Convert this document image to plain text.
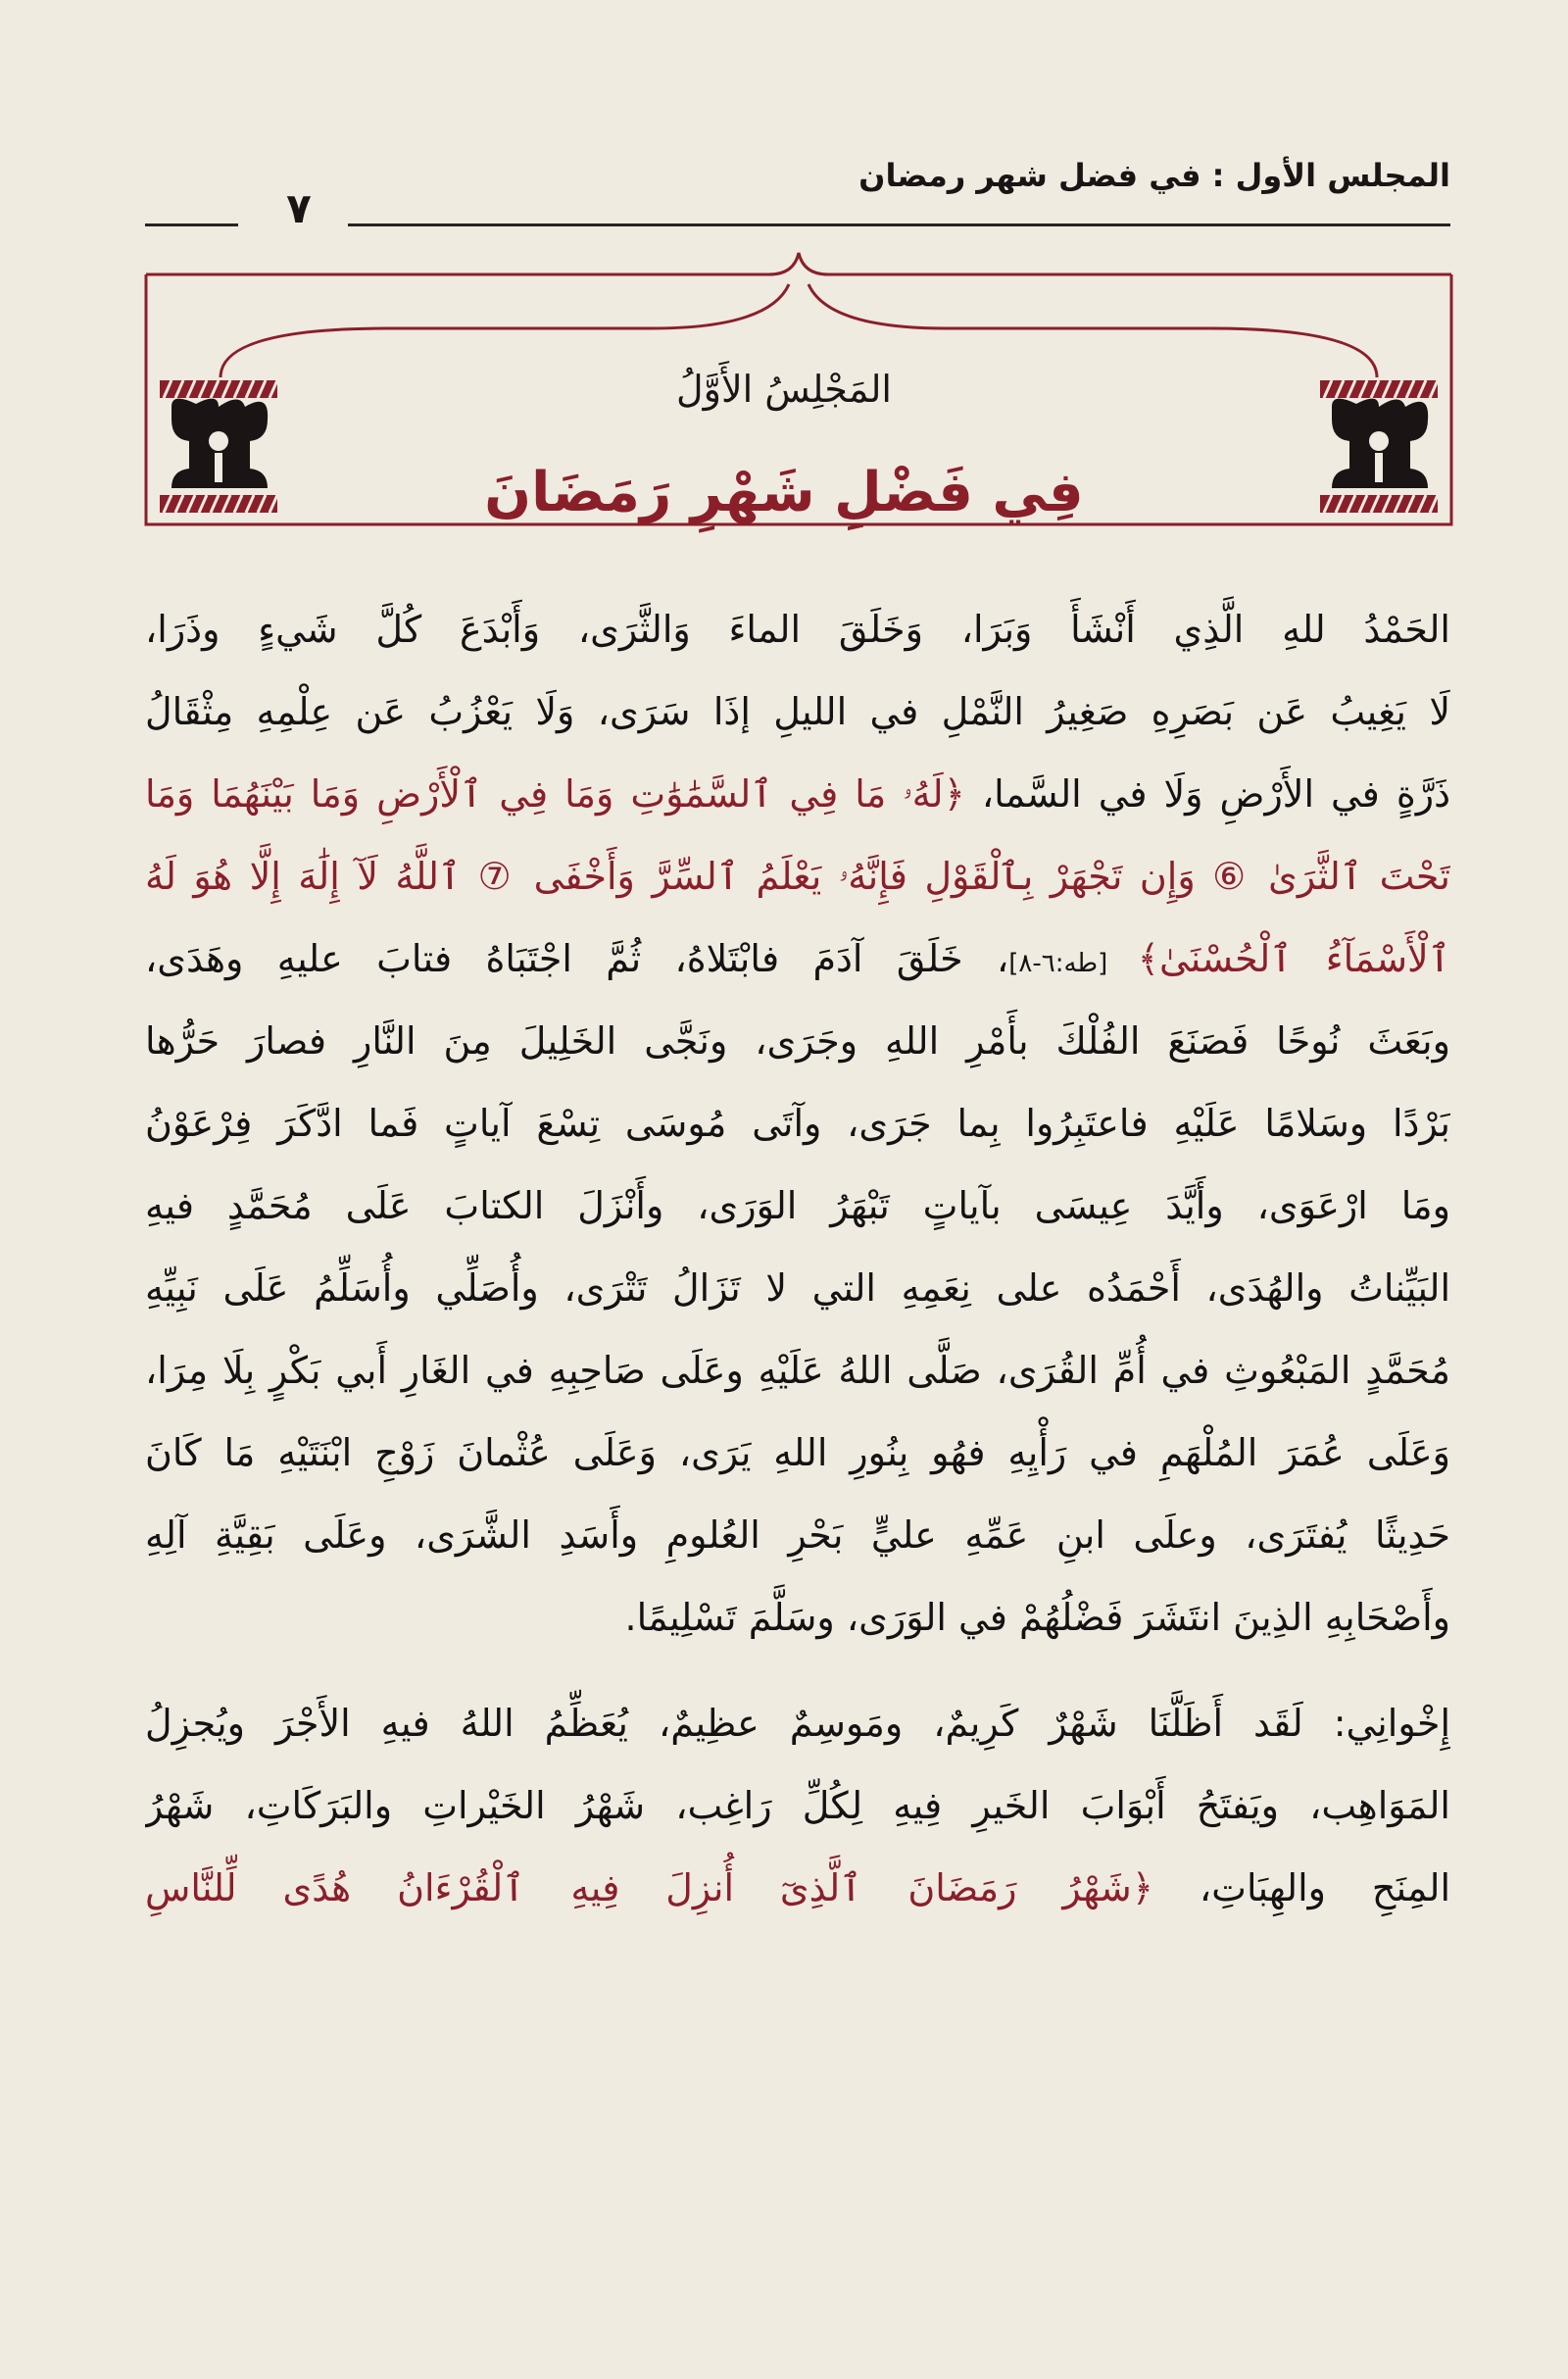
المجلس الأول : في فضل شهر رمضان
٧
المَجْلِسُ الأَوَّلُ
فِي فَضْلِ شَهْرِ رَمَضَانَ
الحَمْدُ للهِ الَّذِي أَنْشَأَ وَبَرَا، وَخَلَقَ الماءَ وَالثَّرَى، وَأَبْدَعَ كُلَّ شَيءٍ وذَرَا،
لَا يَغِيبُ عَن بَصَرِهِ صَغِيرُ النَّمْلِ في الليلِ إذَا سَرَى، وَلَا يَعْزُبُ عَن عِلْمِهِ مِثْقَالُ
ذَرَّةٍ في الأَرْضِ وَلَا في السَّما، ﴿لَهُۥ مَا فِي ٱلسَّمَٰوَٰتِ وَمَا فِي ٱلْأَرْضِ وَمَا بَيْنَهُمَا وَمَا
تَحْتَ ٱلثَّرَىٰ ⑥ وَإِن تَجْهَرْ بِٱلْقَوْلِ فَإِنَّهُۥ يَعْلَمُ ٱلسِّرَّ وَأَخْفَى ⑦ ٱللَّهُ لَآ إِلَٰهَ إِلَّا هُوَ لَهُ
ٱلْأَسْمَآءُ ٱلْحُسْنَىٰ﴾ [طه:٦-٨]، خَلَقَ آدَمَ فابْتَلاهُ، ثُمَّ اجْتَبَاهُ فتابَ عليهِ وهَدَى،
وبَعَثَ نُوحًا فَصَنَعَ الفُلْكَ بأَمْرِ اللهِ وجَرَى، ونَجَّى الخَلِيلَ مِنَ النَّارِ فصارَ حَرُّها
بَرْدًا وسَلامًا عَلَيْهِ فاعتَبِرُوا بِما جَرَى، وآتَى مُوسَى تِسْعَ آياتٍ فَما ادَّكَرَ فِرْعَوْنُ
ومَا ارْعَوَى، وأَيَّدَ عِيسَى بآياتٍ تَبْهَرُ الوَرَى، وأَنْزَلَ الكتابَ عَلَى مُحَمَّدٍ فيهِ
البَيِّناتُ والهُدَى، أَحْمَدُه على نِعَمِهِ التي لا تَزَالُ تَتْرَى، وأُصَلِّي وأُسَلِّمُ عَلَى نَبِيِّهِ
مُحَمَّدٍ المَبْعُوثِ في أُمِّ القُرَى، صَلَّى اللهُ عَلَيْهِ وعَلَى صَاحِبِهِ في الغَارِ أَبي بَكْرٍ بِلَا مِرَا،
وَعَلَى عُمَرَ المُلْهَمِ في رَأْيِهِ فهُو بِنُورِ اللهِ يَرَى، وَعَلَى عُثْمانَ زَوْجِ ابْنَتَيْهِ مَا كَانَ
حَدِيثًا يُفتَرَى، وعلَى ابنِ عَمِّهِ عليٍّ بَحْرِ العُلومِ وأَسَدِ الشَّرَى، وعَلَى بَقِيَّةِ آلِهِ
وأَصْحَابِهِ الذِينَ انتَشَرَ فَضْلُهُمْ في الوَرَى، وسَلَّمَ تَسْلِيمًا.
إِخْوانِي: لَقَد أَظَلَّنَا شَهْرٌ كَرِيمٌ، ومَوسِمٌ عظِيمٌ، يُعَظِّمُ اللهُ فيهِ الأَجْرَ ويُجزِلُ
المَوَاهِب، ويَفتَحُ أَبْوَابَ الخَيرِ فِيهِ لِكُلِّ رَاغِب، شَهْرُ الخَيْراتِ والبَرَكَاتِ، شَهْرُ
المِنَحِ والهِبَاتِ، ﴿شَهْرُ رَمَضَانَ ٱلَّذِىٓ أُنزِلَ فِيهِ ٱلْقُرْءَانُ هُدًى لِّلنَّاسِ
